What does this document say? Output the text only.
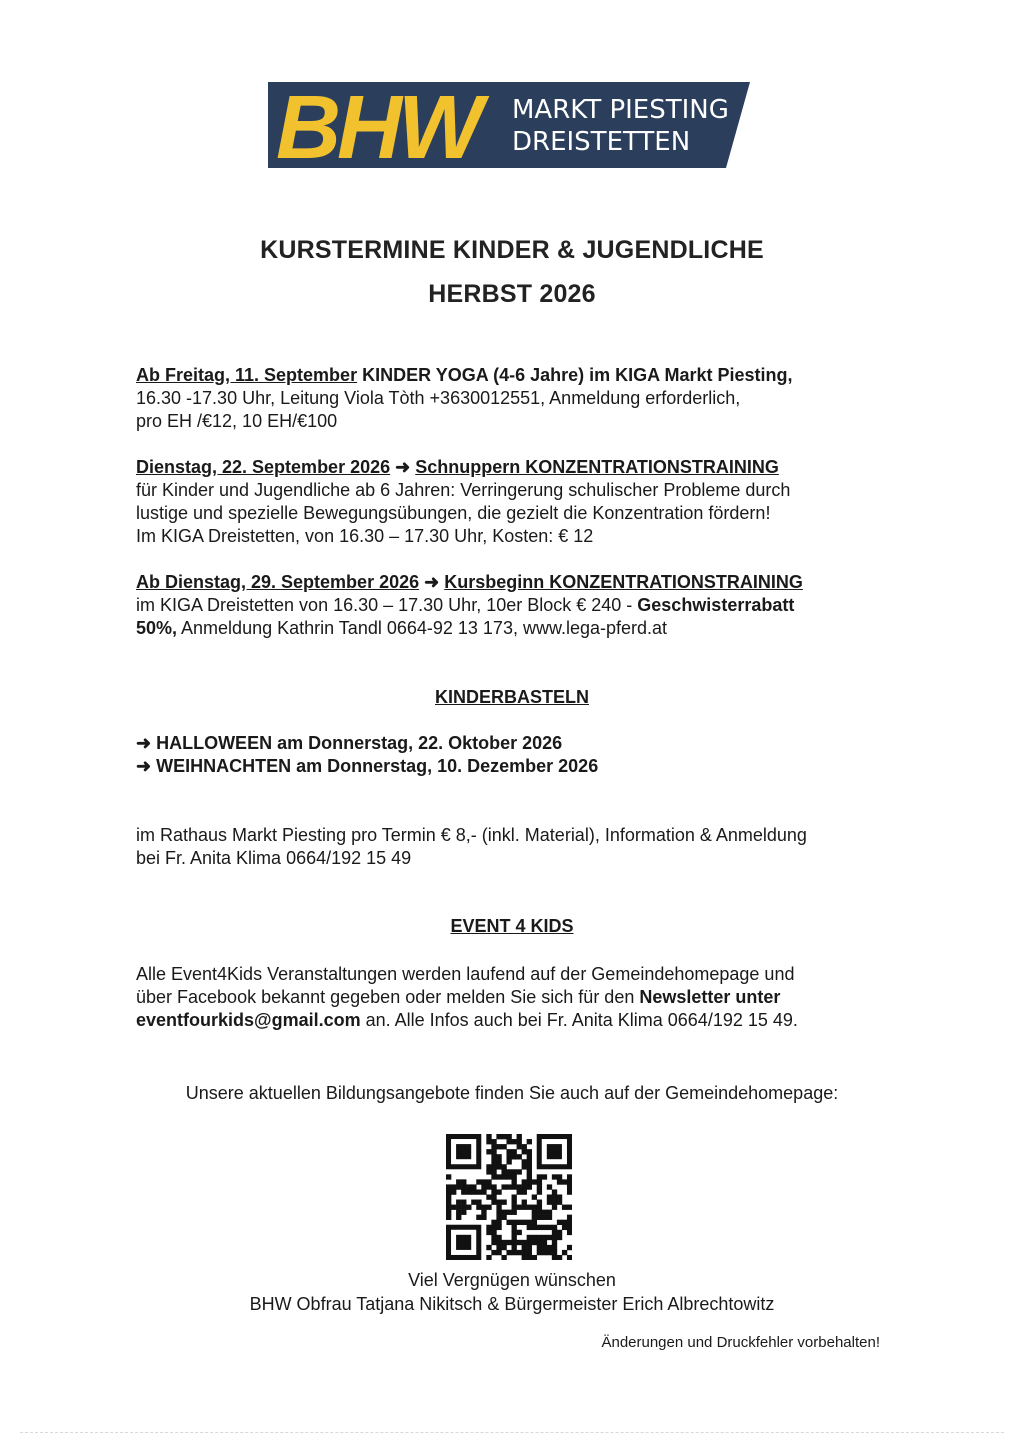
BHW	MARKT PIESTING
DREISTETTEN
KURSTERMINE KINDER & JUGENDLICHE
HERBST 2026

Ab Freitag, 11. September KINDER YOGA (4-6 Jahre) im KIGA Markt Piesting,

16.30 -17.30 Uhr, Leitung Viola Tòth +3630012551, Anmeldung erforderlich,

pro EH /€12, 10 EH/€100

Dienstag, 22. September 2026 ➜ Schnuppern KONZENTRATIONSTRAINING

für Kinder und Jugendliche ab 6 Jahren: Verringerung schulischer Probleme durch

lustige und spezielle Bewegungsübungen, die gezielt die Konzentration fördern!

Im KIGA Dreistetten, von 16.30 – 17.30 Uhr, Kosten: € 12

Ab Dienstag, 29. September 2026 ➜ Kursbeginn KONZENTRATIONSTRAINING

im KIGA Dreistetten von 16.30 – 17.30 Uhr, 10er Block € 240 - Geschwisterrabatt

50%, Anmeldung Kathrin Tandl 0664-92 13 173, www.lega-pferd.at

KINDERBASTELN

➜ HALLOWEEN am Donnerstag, 22. Oktober 2026

➜ WEIHNACHTEN am Donnerstag, 10. Dezember 2026

im Rathaus Markt Piesting pro Termin € 8,- (inkl. Material), Information & Anmeldung

bei Fr. Anita Klima 0664/192 15 49

EVENT 4 KIDS

Alle Event4Kids Veranstaltungen werden laufend auf der Gemeindehomepage und

über Facebook bekannt gegeben oder melden Sie sich für den Newsletter unter

eventfourkids@gmail.com an. Alle Infos auch bei Fr. Anita Klima 0664/192 15 49.

Unsere aktuellen Bildungsangebote finden Sie auch auf der Gemeindehomepage:
Viel Vergnügen wünschen
BHW Obfrau Tatjana Nikitsch & Bürgermeister Erich Albrechtowitz
Änderungen und Druckfehler vorbehalten!
